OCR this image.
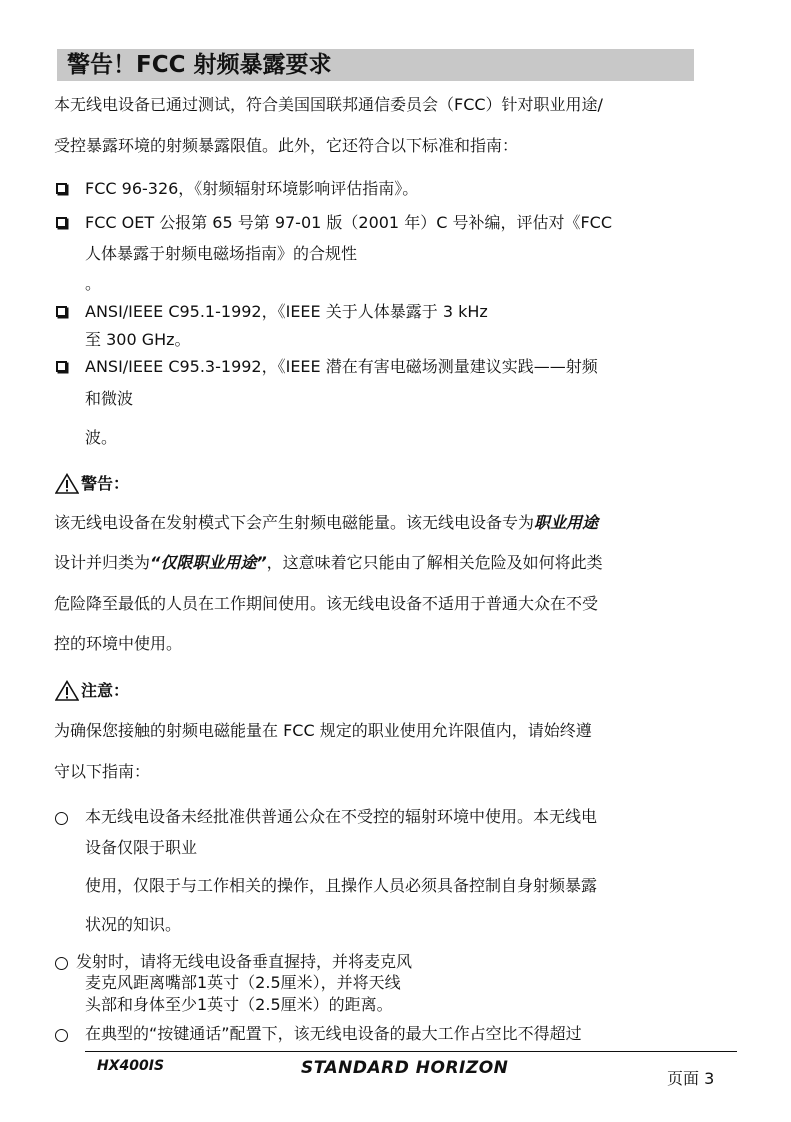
警告！FCC 射频暴露要求
本无线电设备已通过测试，符合美国国联邦通信委员会（FCC）针对职业用途/
受控暴露环境的射频暴露限值。此外，它还符合以下标准和指南：
FCC 96-326，《射频辐射环境影响评估指南》。
FCC OET 公报第 65 号第 97-01 版（2001 年）C 号补编，评估对《FCC
人体暴露于射频电磁场指南》的合规性
。
ANSI/IEEE C95.1-1992，《IEEE 关于人体暴露于 3 kHz
至 300 GHz。
ANSI/IEEE C95.3-1992，《IEEE 潜在有害电磁场测量建议实践——射频
和微波
波。
警告：
该无线电设备在发射模式下会产生射频电磁能量。该无线电设备专为职业用途
设计并归类为“仅限职业用途”，这意味着它只能由了解相关危险及如何将此类
危险降至最低的人员在工作期间使用。该无线电设备不适用于普通大众在不受
控的环境中使用。
注意：
为确保您接触的射频电磁能量在 FCC 规定的职业使用允许限值内，请始终遵
守以下指南：
本无线电设备未经批准供普通公众在不受控的辐射环境中使用。本无线电
设备仅限于职业
使用，仅限于与工作相关的操作，且操作人员必须具备控制自身射频暴露
状况的知识。
发射时，请将无线电设备垂直握持，并将麦克风
麦克风距离嘴部1英寸（2.5厘米），并将天线
头部和身体至少1英寸（2.5厘米）的距离。
在典型的“按键通话”配置下，该无线电设备的最大工作占空比不得超过
HX400IS	STANDARD HORIZON
页面 3
